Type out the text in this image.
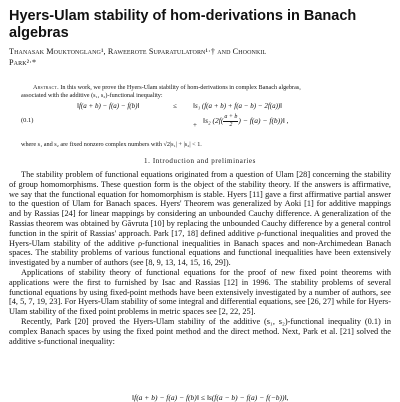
Hyers-Ulam stability of hom-derivations in Banach
algebras
Thanasak Mouktonglang¹, Raweerote Suparatulatorn¹·† and Choonkil
Park²·*
Abstract. In this work, we prove the Hyers-Ulam stability of hom-derivations in complex Banach algebras,
associated with the additive (s₁, s₂)-functional inequality:
(0.1)
‖f(a + b) − f(a) − f(b)‖	≤ ‖s₁ (f(a + b) + f(a − b) − 2f(a))‖
+ ‖s₂ ($2f( \frac{a + b}{2}$ ) − f(a) − f(b))‖ ,
where s₁ and s₂ are fixed nonzero complex numbers with √2|s₁| + |s₂| < 1.
1. Introduction and preliminaries

The stability problem of functional equations originated from a question of Ulam [28] concerning the stability of group homomorphisms. These question form is the object of the stability theory. If the answers is affirmative, we say that the functional equation for homomorphism is stable. Hyers [11] gave a first affirmative partial answer to the question of Ulam for Banach spaces. Hyers' Theorem was generalized by Aoki [1] for additive mappings and by Rassias [24] for linear mappings by considering an unbounded Cauchy difference. A generalization of the Rassias theorem was obtained by Găvruta [10] by replacing the unbounded Cauchy difference by a general control function in the spirit of Rassias' approach. Park [17, 18] defined additive ρ-functional inequalities and proved the Hyers-Ulam stability of the additive ρ-functional inequalities in Banach spaces and non-Archimedean Banach spaces. The stability problems of various functional equations and functional inequalities have been extensively investigated by a number of authors (see [8, 9, 13, 14, 15, 16, 29]).

Applications of stability theory of functional equations for the proof of new fixed point theorems with applications were the first to furnished by Isac and Rassias [12] in 1996. The stability problems of several functional equations by using fixed-point methods have been extensively investigated by a number of authors, see [4, 5, 7, 19, 23]. For Hyers-Ulam stability of some integral and differential equations, see [26, 27] while for Hyers-Ulam stability of the fixed point problems in metric spaces see [2, 22, 25].

Recently, Park [20] proved the Hyers-Ulam stability of the additive (s₁, s₂)-functional inequality (0.1) in complex Banach spaces by using the fixed point method and the direct method. Next, Park et al. [21] solved the additive s-functional inequality:

‖f(a + b) − f(a) − f(b)‖ ≤ ‖s(f(a − b) − f(a) − f(−b))‖,
